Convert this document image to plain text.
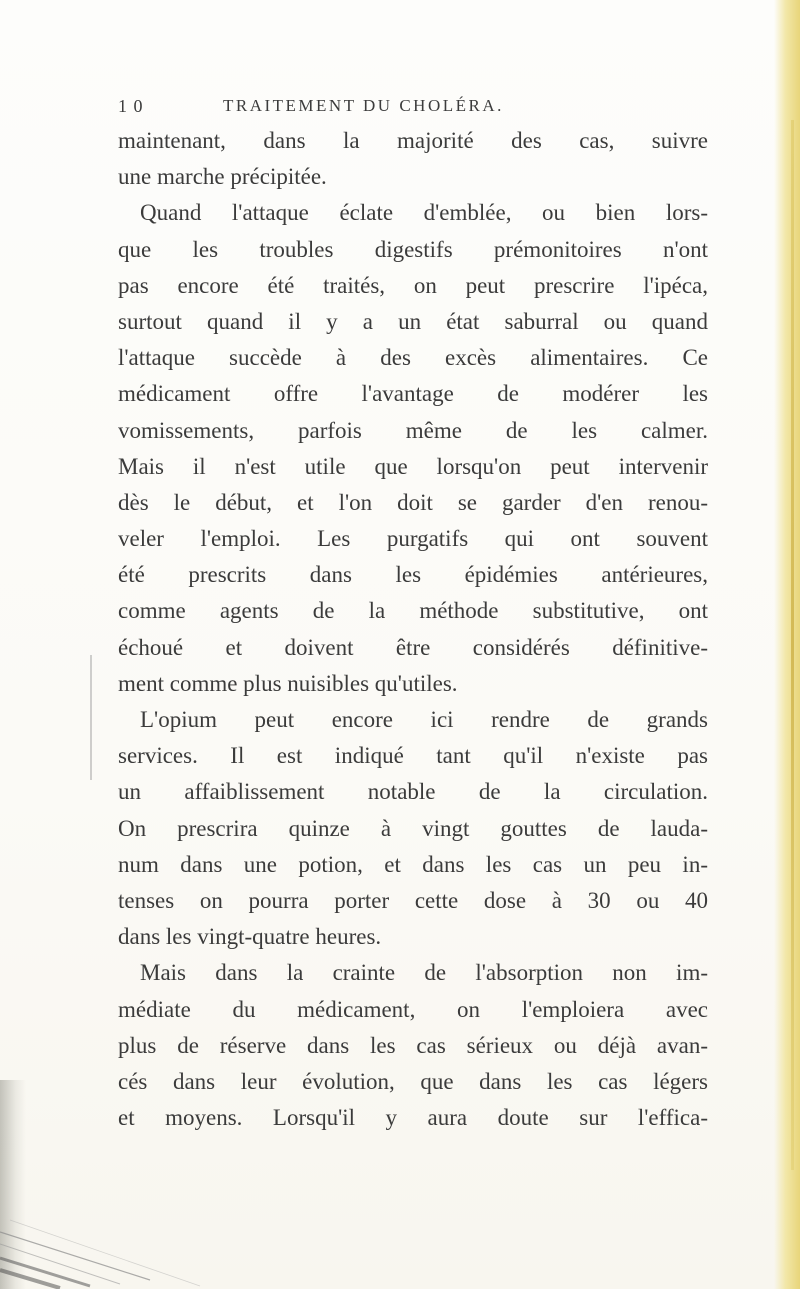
1 0	TRAITEMENT DU CHOLÉRA.
maintenant, dans la majorité des cas, suivre
une marche précipitée.
Quand l'attaque éclate d'emblée, ou bien lors-
que les troubles digestifs prémonitoires n'ont
pas encore été traités, on peut prescrire l'ipéca,
surtout quand il y a un état saburral ou quand
l'attaque succède à des excès alimentaires. Ce
médicament offre l'avantage de modérer les
vomissements, parfois même de les calmer.
Mais il n'est utile que lorsqu'on peut intervenir
dès le début, et l'on doit se garder d'en renou-
veler l'emploi. Les purgatifs qui ont souvent
été prescrits dans les épidémies antérieures,
comme agents de la méthode substitutive, ont
échoué et doivent être considérés définitive-
ment comme plus nuisibles qu'utiles.
L'opium peut encore ici rendre de grands
services. Il est indiqué tant qu'il n'existe pas
un affaiblissement notable de la circulation.
On prescrira quinze à vingt gouttes de lauda-
num dans une potion, et dans les cas un peu in-
tenses on pourra porter cette dose à 30 ou 40
dans les vingt-quatre heures.
Mais dans la crainte de l'absorption non im-
médiate du médicament, on l'emploiera avec
plus de réserve dans les cas sérieux ou déjà avan-
cés dans leur évolution, que dans les cas légers
et moyens. Lorsqu'il y aura doute sur l'effica-
